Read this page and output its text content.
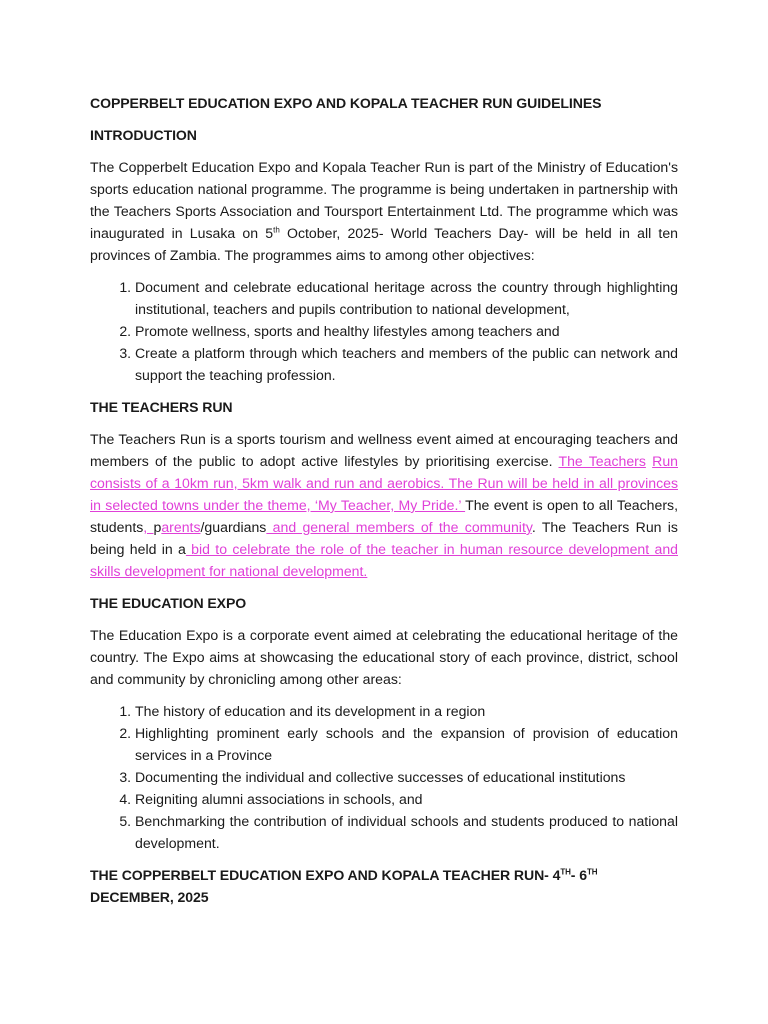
COPPERBELT EDUCATION EXPO AND KOPALA TEACHER RUN GUIDELINES
INTRODUCTION

The Copperbelt Education Expo and Kopala Teacher Run is part of the Ministry of Education's sports education national programme. The programme is being undertaken in partnership with the Teachers Sports Association and Toursport Entertainment Ltd. The programme which was inaugurated in Lusaka on 5th October, 2025- World Teachers Day- will be held in all ten provinces of Zambia. The programmes aims to among other objectives:

1. Document and celebrate educational heritage across the country through highlighting institutional, teachers and pupils contribution to national development,
2. Promote wellness, sports and healthy lifestyles among teachers and
3. Create a platform through which teachers and members of the public can network and support the teaching profession.
THE TEACHERS RUN

The Teachers Run is a sports tourism and wellness event aimed at encouraging teachers and members of the public to adopt active lifestyles by prioritising exercise. The Teachers Run consists of a 10km run, 5km walk and run and aerobics. The Run will be held in all provinces in selected towns under the theme, ‘My Teacher, My Pride.’ The event is open to all Teachers, students, parents/guardians and general members of the community. The Teachers Run is being held in a bid to celebrate the role of the teacher in human resource development and skills development for national development.

THE EDUCATION EXPO

The Education Expo is a corporate event aimed at celebrating the educational heritage of the country. The Expo aims at showcasing the educational story of each province, district, school and community by chronicling among other areas:

1. The history of education and its development in a region
2. Highlighting prominent early schools and the expansion of provision of education services in a Province
3. Documenting the individual and collective successes of educational institutions
4. Reigniting alumni associations in schools, and
5. Benchmarking the contribution of individual schools and students produced to national development.
THE COPPERBELT EDUCATION EXPO AND KOPALA TEACHER RUN- 4TH- 6TH DECEMBER, 2025
